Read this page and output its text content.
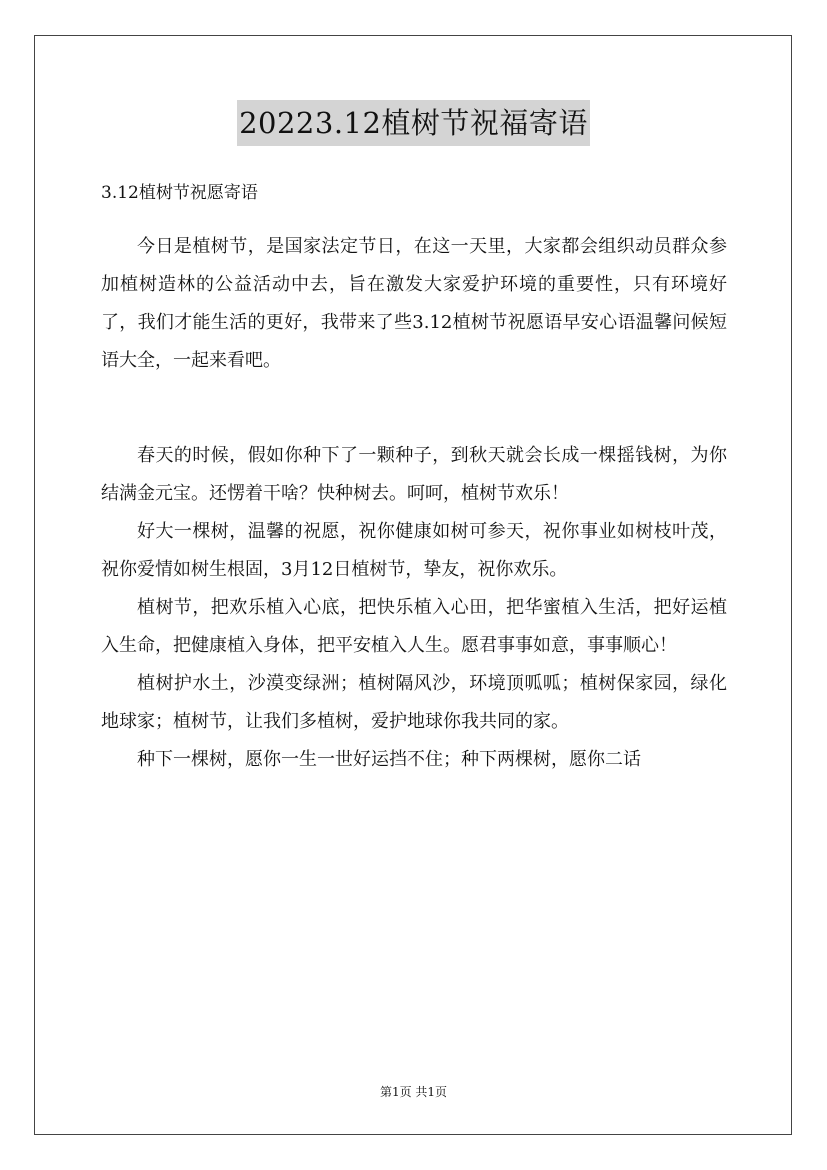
20223.12植树节祝福寄语

3.12植树节祝愿寄语

今日是植树节，是国家法定节日，在这一天里，大家都会组织动员群众参加植树造林的公益活动中去，旨在激发大家爱护环境的重要性，只有环境好了，我们才能生活的更好，我带来了些3.12植树节祝愿语早安心语温馨问候短语大全，一起来看吧。

春天的时候，假如你种下了一颗种子，到秋天就会长成一棵摇钱树，为你结满金元宝。还愣着干啥？快种树去。呵呵，植树节欢乐！

好大一棵树，温馨的祝愿，祝你健康如树可参天，祝你事业如树枝叶茂，祝你爱情如树生根固，3月12日植树节，挚友，祝你欢乐。

植树节，把欢乐植入心底，把快乐植入心田，把华蜜植入生活，把好运植入生命，把健康植入身体，把平安植入人生。愿君事事如意，事事顺心！

植树护水土，沙漠变绿洲；植树隔风沙，环境顶呱呱；植树保家园，绿化地球家；植树节，让我们多植树，爱护地球你我共同的家。

种下一棵树，愿你一生一世好运挡不住；种下两棵树，愿你二话

第1页 共1页
